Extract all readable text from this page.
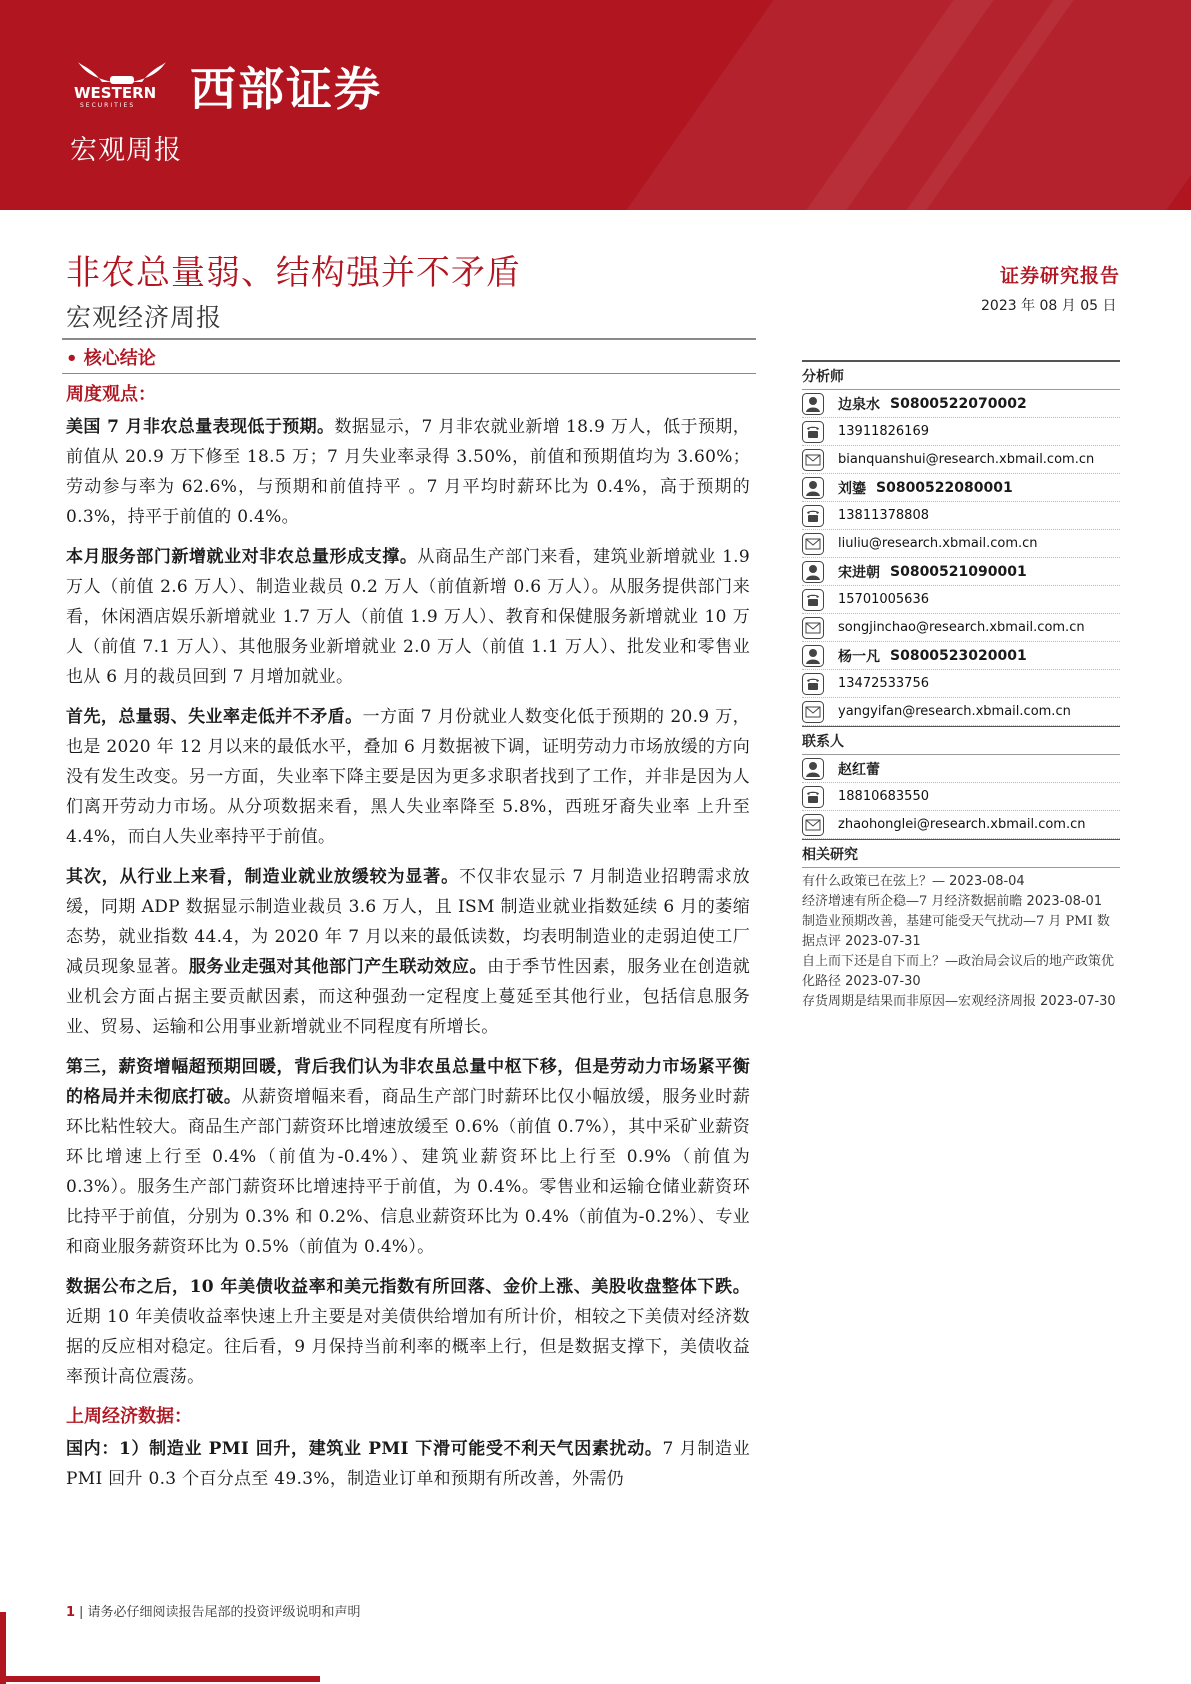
WESTERN
SECURITIES 西部证券
宏观周报
非农总量弱、结构强并不矛盾
宏观经济周报
• 核心结论
证券研究报告
2023 年 08 月 05 日
周度观点：

美国 7 月非农总量表现低于预期。数据显示，7 月非农就业新增 18.9 万人，低于预期，前值从 20.9 万下修至 18.5 万；7 月失业率录得 3.50%，前值和预期值均为 3.60%；劳动参与率为 62.6%，与预期和前值持平 。7 月平均时薪环比为 0.4%，高于预期的 0.3%，持平于前值的 0.4%。

本月服务部门新增就业对非农总量形成支撑。从商品生产部门来看，建筑业新增就业 1.9 万人（前值 2.6 万人）、制造业裁员 0.2 万人（前值新增 0.6 万人）。从服务提供部门来看，休闲酒店娱乐新增就业 1.7 万人（前值 1.9 万人）、教育和保健服务新增就业 10 万人（前值 7.1 万人）、其他服务业新增就业 2.0 万人（前值 1.1 万人）、批发业和零售业也从 6 月的裁员回到 7 月增加就业。

首先，总量弱、失业率走低并不矛盾。一方面 7 月份就业人数变化低于预期的 20.9 万，也是 2020 年 12 月以来的最低水平，叠加 6 月数据被下调，证明劳动力市场放缓的方向没有发生改变。另一方面，失业率下降主要是因为更多求职者找到了工作，并非是因为人们离开劳动力市场。从分项数据来看，黑人失业率降至 5.8%，西班牙裔失业率 上升至 4.4%，而白人失业率持平于前值。

其次，从行业上来看，制造业就业放缓较为显著。不仅非农显示 7 月制造业招聘需求放缓，同期 ADP 数据显示制造业裁员 3.6 万人，且 ISM 制造业就业指数延续 6 月的萎缩态势，就业指数 44.4，为 2020 年 7 月以来的最低读数，均表明制造业的走弱迫使工厂减员现象显著。服务业走强对其他部门产生联动效应。由于季节性因素，服务业在创造就业机会方面占据主要贡献因素，而这种强劲一定程度上蔓延至其他行业，包括信息服务业、贸易、运输和公用事业新增就业不同程度有所增长。

第三，薪资增幅超预期回暖，背后我们认为非农虽总量中枢下移，但是劳动力市场紧平衡的格局并未彻底打破。从薪资增幅来看，商品生产部门时薪环比仅小幅放缓，服务业时薪环比粘性较大。商品生产部门薪资环比增速放缓至 0.6%（前值 0.7%），其中采矿业薪资环比增速上行至 0.4%（前值为-0.4%）、建筑业薪资环比上行至 0.9%（前值为 0.3%）。服务生产部门薪资环比增速持平于前值，为 0.4%。零售业和运输仓储业薪资环比持平于前值，分别为 0.3% 和 0.2%、信息业薪资环比为 0.4%（前值为-0.2%）、专业和商业服务薪资环比为 0.5%（前值为 0.4%）。

数据公布之后，10 年美债收益率和美元指数有所回落、金价上涨、美股收盘整体下跌。近期 10 年美债收益率快速上升主要是对美债供给增加有所计价，相较之下美债对经济数据的反应相对稳定。往后看，9 月保持当前利率的概率上行，但是数据支撑下，美债收益率预计高位震荡。

上周经济数据：

国内：1）制造业 PMI 回升，建筑业 PMI 下滑可能受不利天气因素扰动。7 月制造业 PMI 回升 0.3 个百分点至 49.3%，制造业订单和预期有所改善，外需仍

分析师
边泉水 S0800522070002
13911826169
bianquanshui@research.xbmail.com.cn
刘鎏 S0800522080001
13811378808
liuliu@research.xbmail.com.cn
宋进朝 S0800521090001
15701005636
songjinchao@research.xbmail.com.cn
杨一凡 S0800523020001
13472533756
yangyifan@research.xbmail.com.cn
联系人
赵红蕾
18810683550
zhaohonglei@research.xbmail.com.cn
相关研究
有什么政策已在弦上？— 2023-08-04
经济增速有所企稳—7 月经济数据前瞻 2023-08-01
制造业预期改善，基建可能受天气扰动—7 月 PMI 数据点评 2023-07-31
自上而下还是自下而上？—政治局会议后的地产政策优化路径 2023-07-30
存货周期是结果而非原因—宏观经济周报 2023-07-30
1 | 请务必仔细阅读报告尾部的投资评级说明和声明
